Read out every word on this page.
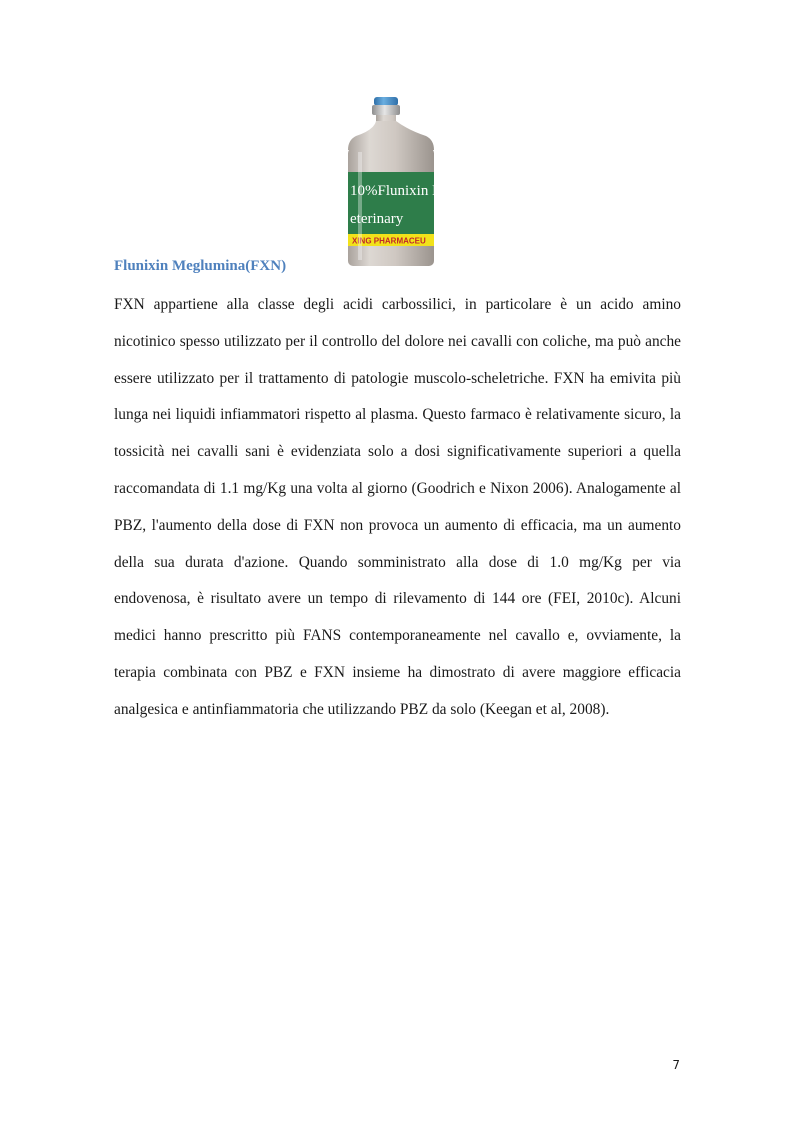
10%Flunixin Meg
eterinary
XING PHARMACEU
Flunixin Meglumina(FXN)

FXN appartiene alla classe degli acidi carbossilici, in particolare è un acido amino nicotinico spesso utilizzato per il controllo del dolore nei cavalli con coliche, ma può anche essere utilizzato per il trattamento di patologie muscolo-scheletriche. FXN ha emivita più lunga nei liquidi infiammatori rispetto al plasma. Questo farmaco è relativamente sicuro, la tossicità nei cavalli sani è evidenziata solo a dosi significativamente superiori a quella raccomandata di 1.1 mg/Kg una volta al giorno (Goodrich e Nixon 2006). Analogamente al PBZ, l'aumento della dose di FXN non provoca un aumento di efficacia, ma un aumento della sua durata d'azione. Quando somministrato alla dose di 1.0 mg/Kg per via endovenosa, è risultato avere un tempo di rilevamento di 144 ore (FEI, 2010c). Alcuni medici hanno prescritto più FANS contemporaneamente nel cavallo e, ovviamente, la terapia combinata con PBZ e FXN insieme ha dimostrato di avere maggiore efficacia analgesica e antinfiammatoria che utilizzando PBZ da solo (Keegan et al, 2008).

7
